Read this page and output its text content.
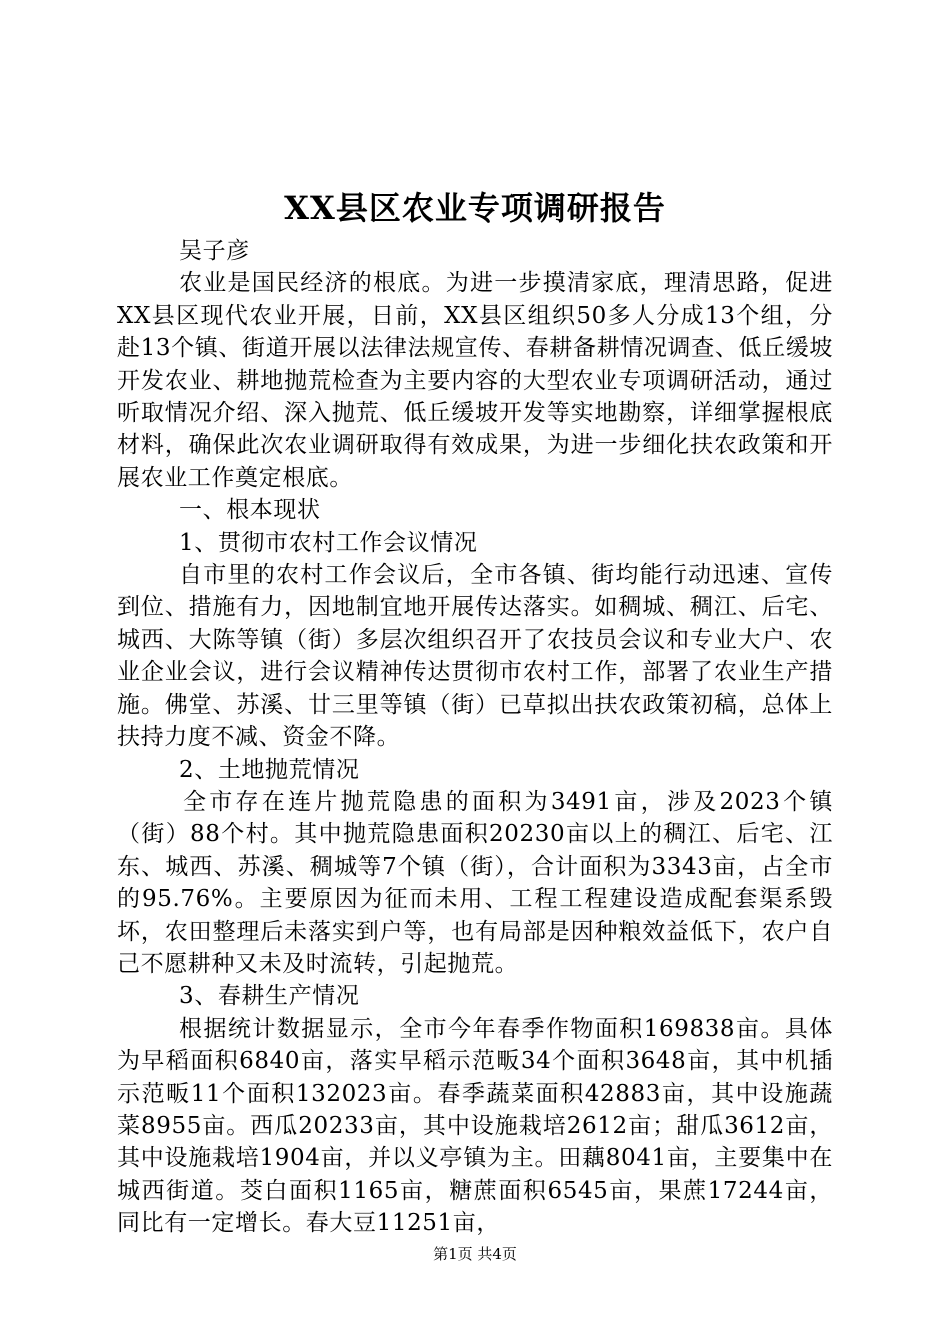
XX县区农业专项调研报告

吴子彦

农业是国民经济的根底。为进一步摸清家底，理清思路，促进XX县区现代农业开展，日前，XX县区组织50多人分成13个组，分赴13个镇、街道开展以法律法规宣传、春耕备耕情况调查、低丘缓坡开发农业、耕地抛荒检查为主要内容的大型农业专项调研活动，通过听取情况介绍、深入抛荒、低丘缓坡开发等实地勘察，详细掌握根底材料，确保此次农业调研取得有效成果，为进一步细化扶农政策和开展农业工作奠定根底。

一、根本现状

1、贯彻市农村工作会议情况

自市里的农村工作会议后，全市各镇、街均能行动迅速、宣传到位、措施有力，因地制宜地开展传达落实。如稠城、稠江、后宅、城西、大陈等镇（街）多层次组织召开了农技员会议和专业大户、农业企业会议，进行会议精神传达贯彻市农村工作，部署了农业生产措施。佛堂、苏溪、廿三里等镇（街）已草拟出扶农政策初稿，总体上扶持力度不减、资金不降。

2、土地抛荒情况

全市存在连片抛荒隐患的面积为3491亩，涉及2023个镇（街）88个村。其中抛荒隐患面积20230亩以上的稠江、后宅、江东、城西、苏溪、稠城等7个镇（街），合计面积为3343亩，占全市的95.76%。主要原因为征而未用、工程工程建设造成配套渠系毁坏，农田整理后未落实到户等，也有局部是因种粮效益低下，农户自己不愿耕种又未及时流转，引起抛荒。

3、春耕生产情况

根据统计数据显示，全市今年春季作物面积169838亩。具体为早稻面积6840亩，落实早稻示范畈34个面积3648亩，其中机插示范畈11个面积132023亩。春季蔬菜面积42883亩，其中设施蔬菜8955亩。西瓜20233亩，其中设施栽培2612亩；甜瓜3612亩，其中设施栽培1904亩，并以义亭镇为主。田藕8041亩，主要集中在城西街道。茭白面积1165亩，糖蔗面积6545亩，果蔗17244亩，同比有一定增长。春大豆11251亩，

第1页 共4页
